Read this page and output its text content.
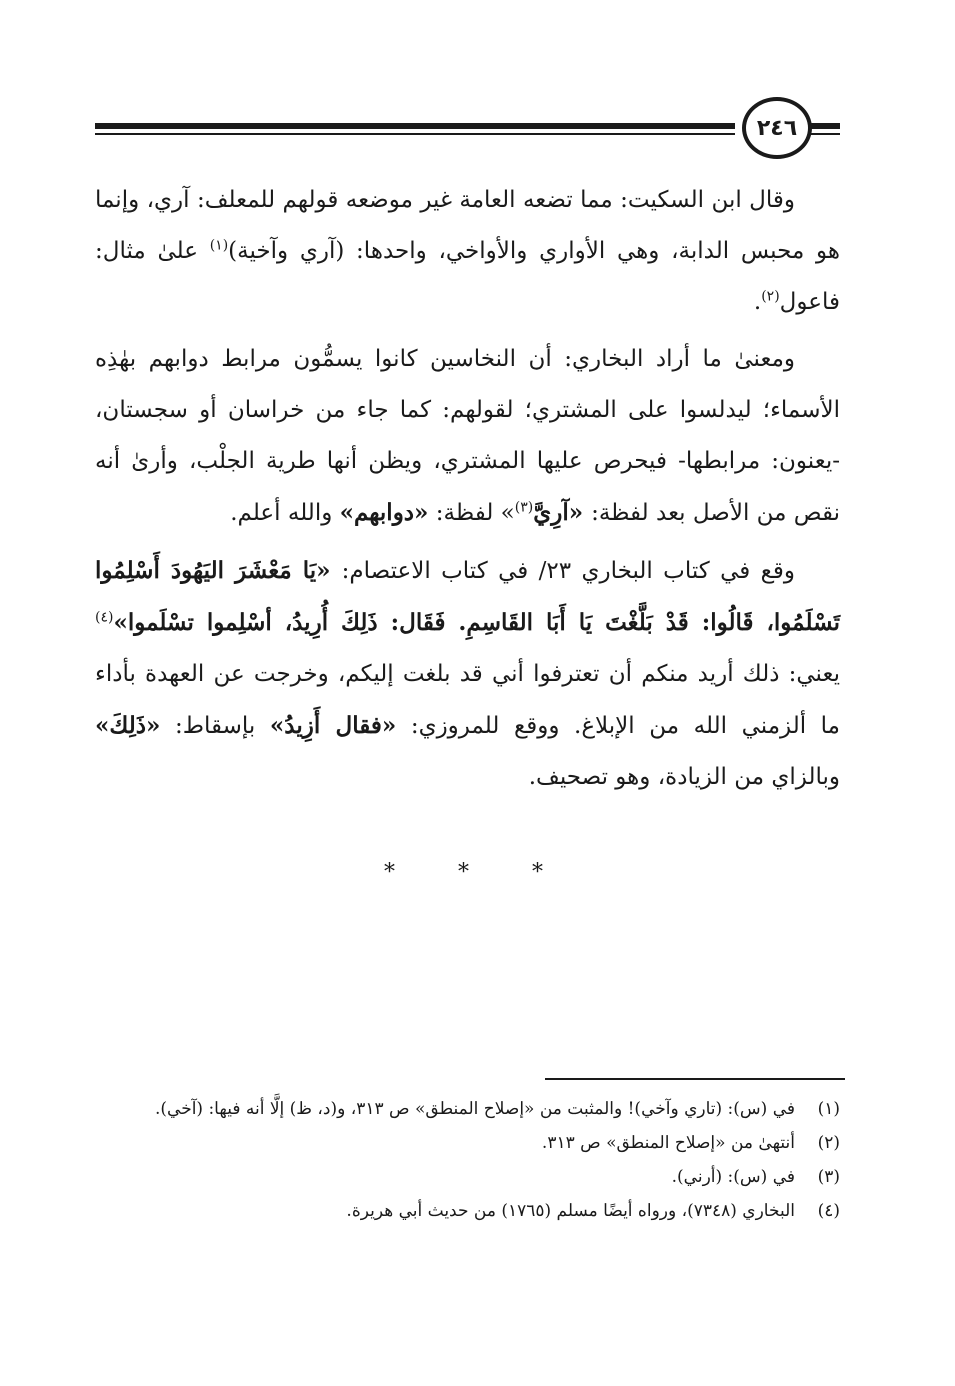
٢٤٦

وقال ابن السكيت: مما تضعه العامة غير موضعه قولهم للمعلف: آري، وإنما هو محبس الدابة، وهي الأواري والأواخي، واحدها: (آري وآخية)$^{(١)}$ علىٰ مثال: فاعول$^{(٢)}$.

ومعنىٰ ما أراد البخاري: أن النخاسين كانوا يسمُّون مرابط دوابهم بهٰذِه الأسماء؛ ليدلسوا على المشتري؛ لقولهم: كما جاء من خراسان أو سجستان، -يعنون: مرابطها- فيحرص عليها المشتري، ويظن أنها طرية الجلْب، وأرىٰ أنه نقص من الأصل بعد لفظة: «آرِيَّ$^{(٣)}$» لفظة: «دوابهم» والله أعلم.

وقع في كتاب البخاري ٢٣/ في كتاب الاعتصام: «يَا مَعْشَرَ اليَهُودَ أَسْلِمُوا تَسْلَمُوا، قَالُوا: قَدْ بَلَّغْتَ يَا أَبَا القَاسِمِ. فَقَال: ذَلِكَ أُرِيدُ، أسْلِموا تسْلَموا»$^{(٤)}$ يعني: ذلك أريد منكم أن تعترفوا أني قد بلغت إليكم، وخرجت عن العهدة بأداء ما ألزمني الله من الإبلاغ. ووقع للمروزي: «فقال أَزِيدُ» بإسقاط: «ذَلِكَ» وبالزاي من الزيادة، وهو تصحيف.

* * *
(١)
في (س): (تاري وآخي)! والمثبت من «إصلاح المنطق» ص ٣١٣، و(د، ظ) إلَّا أنه فيها: (آخي).
(٢)
أنتهىٰ من «إصلاح المنطق» ص ٣١٣.
(٣)
في (س): (أرني).
(٤)
البخاري (٧٣٤٨)، ورواه أيضًا مسلم (١٧٦٥) من حديث أبي هريرة.
